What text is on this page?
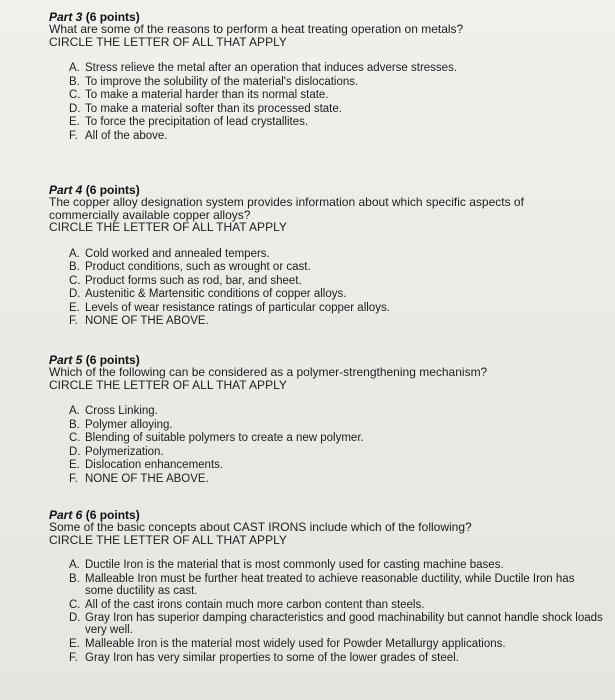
Part 3 (6 points)

What are some of the reasons to perform a heat treating operation on metals?

CIRCLE THE LETTER OF ALL THAT APPLY

A. Stress relieve the metal after an operation that induces adverse stresses.
B. To improve the solubility of the material's dislocations.
C. To make a material harder than its normal state.
D. To make a material softer than its processed state.
E. To force the precipitation of lead crystallites.
F. All of the above.

Part 4 (6 points)

The copper alloy designation system provides information about which specific aspects of

commercially available copper alloys?

CIRCLE THE LETTER OF ALL THAT APPLY

A. Cold worked and annealed tempers.
B. Product conditions, such as wrought or cast.
C. Product forms such as rod, bar, and sheet.
D. Austenitic & Martensitic conditions of copper alloys.
E. Levels of wear resistance ratings of particular copper alloys.
F. NONE OF THE ABOVE.

Part 5 (6 points)

Which of the following can be considered as a polymer-strengthening mechanism?

CIRCLE THE LETTER OF ALL THAT APPLY

A. Cross Linking.
B. Polymer alloying.
C. Blending of suitable polymers to create a new polymer.
D. Polymerization.
E. Dislocation enhancements.
F. NONE OF THE ABOVE.

Part 6 (6 points)

Some of the basic concepts about CAST IRONS include which of the following?

CIRCLE THE LETTER OF ALL THAT APPLY

A. Ductile Iron is the material that is most commonly used for casting machine bases.
B. Malleable Iron must be further heat treated to achieve reasonable ductility, while Ductile Iron has some ductility as cast.
C. All of the cast irons contain much more carbon content than steels.
D. Gray Iron has superior damping characteristics and good machinability but cannot handle shock loads very well.
E. Malleable Iron is the material most widely used for Powder Metallurgy applications.
F. Gray Iron has very similar properties to some of the lower grades of steel.
